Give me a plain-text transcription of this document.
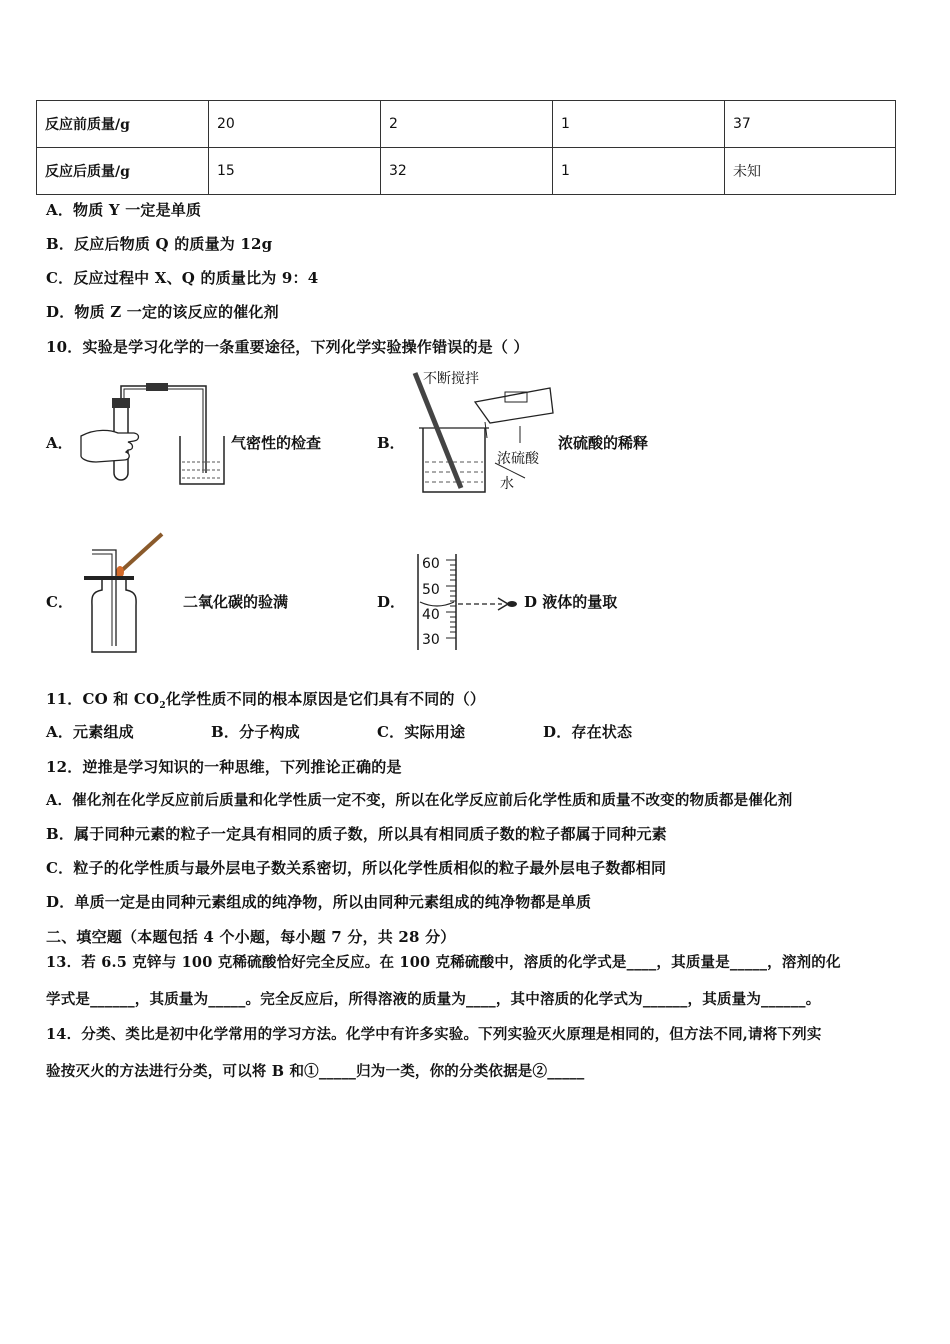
反应前质量/g	20	2	1	37
反应后质量/g	15	32	1	未知
A．物质 Y 一定是单质
B．反应后物质 Q 的质量为 12g
C．反应过程中 X、Q 的质量比为 9：4
D．物质 Z 一定的该反应的催化剂
10．实验是学习化学的一条重要途径，下列化学实验操作错误的是（ ）
A．	气密性的检查	B．
不断搅拌
浓硫酸
水
浓硫酸的稀释
C．	二氧化碳的验满	D．
60
50
40
30
D 液体的量取
11．CO 和 $CO_2$化学性质不同的根本原因是它们具有不同的（）
A．元素组成	B．分子构成	C．实际用途	D．存在状态
12．逆推是学习知识的一种思维，下列推论正确的是
A．催化剂在化学反应前后质量和化学性质一定不变，所以在化学反应前后化学性质和质量不改变的物质都是催化剂
B．属于同种元素的粒子一定具有相同的质子数，所以具有相同质子数的粒子都属于同种元素
C．粒子的化学性质与最外层电子数关系密切，所以化学性质相似的粒子最外层电子数都相同
D．单质一定是由同种元素组成的纯净物，所以由同种元素组成的纯净物都是单质
二、填空题（本题包括 4 个小题，每小题 7 分，共 28 分）
13．若 6.5 克锌与 100 克稀硫酸恰好完全反应。在 100 克稀硫酸中，溶质的化学式是____，其质量是_____，溶剂的化
学式是______，其质量为_____。完全反应后，所得溶液的质量为____，其中溶质的化学式为______，其质量为______。
14．分类、类比是初中化学常用的学习方法。化学中有许多实验。下列实验灭火原理是相同的，但方法不同,请将下列实
验按灭火的方法进行分类，可以将 B 和①_____归为一类，你的分类依据是②_____
